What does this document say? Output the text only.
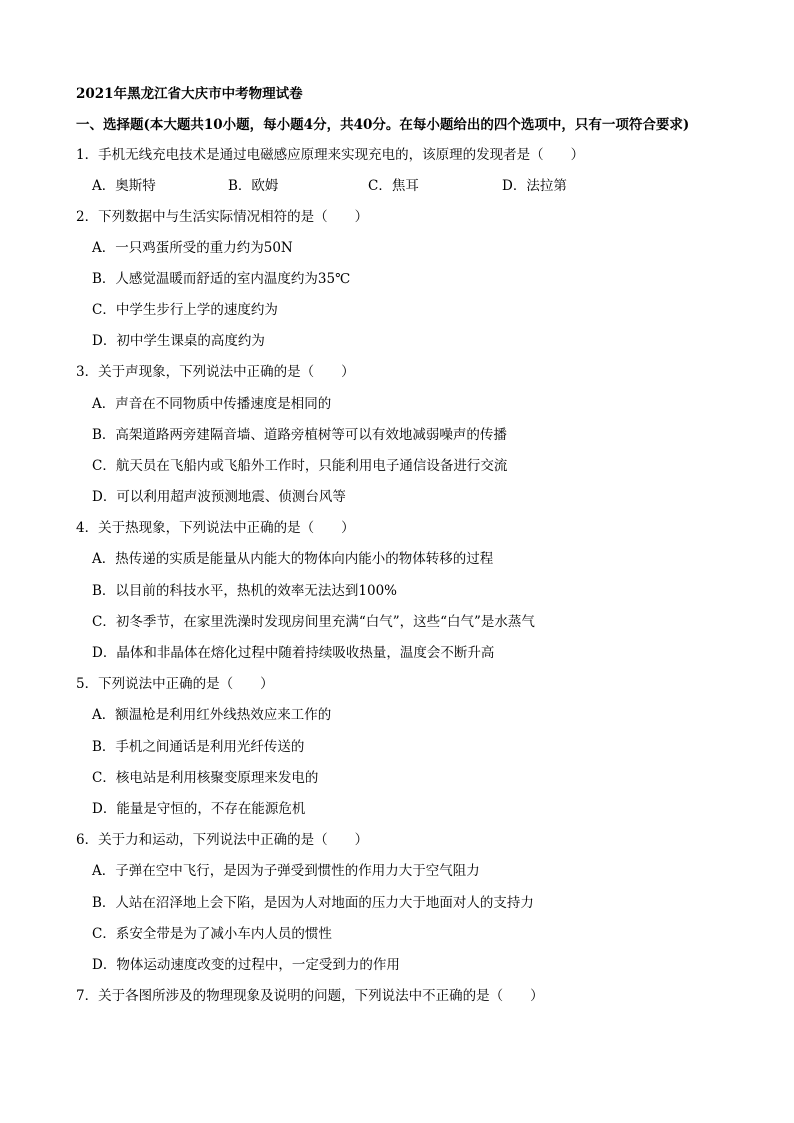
2021年黑龙江省大庆市中考物理试卷
一、选择题(本大题共10小题，每小题4分，共40分。在每小题给出的四个选项中，只有一项符合要求)
1．手机无线充电技术是通过电磁感应原理来实现充电的，该原理的发现者是（　　）
A．奥斯特	B．欧姆	C．焦耳	D．法拉第
2．下列数据中与生活实际情况相符的是（　　）
A．一只鸡蛋所受的重力约为50N
B．人感觉温暖而舒适的室内温度约为35℃
C．中学生步行上学的速度约为
D．初中学生课桌的高度约为
3．关于声现象，下列说法中正确的是（　　）
A．声音在不同物质中传播速度是相同的
B．高架道路两旁建隔音墙、道路旁植树等可以有效地减弱噪声的传播
C．航天员在飞船内或飞船外工作时，只能利用电子通信设备进行交流
D．可以利用超声波预测地震、侦测台风等
4．关于热现象，下列说法中正确的是（　　）
A．热传递的实质是能量从内能大的物体向内能小的物体转移的过程
B．以目前的科技水平，热机的效率无法达到100%
C．初冬季节，在家里洗澡时发现房间里充满“白气”，这些“白气”是水蒸气
D．晶体和非晶体在熔化过程中随着持续吸收热量，温度会不断升高
5．下列说法中正确的是（　　）
A．额温枪是利用红外线热效应来工作的
B．手机之间通话是利用光纤传送的
C．核电站是利用核聚变原理来发电的
D．能量是守恒的，不存在能源危机
6．关于力和运动，下列说法中正确的是（　　）
A．子弹在空中飞行，是因为子弹受到惯性的作用力大于空气阻力
B．人站在沼泽地上会下陷，是因为人对地面的压力大于地面对人的支持力
C．系安全带是为了减小车内人员的惯性
D．物体运动速度改变的过程中，一定受到力的作用
7．关于各图所涉及的物理现象及说明的问题，下列说法中不正确的是（　　）
